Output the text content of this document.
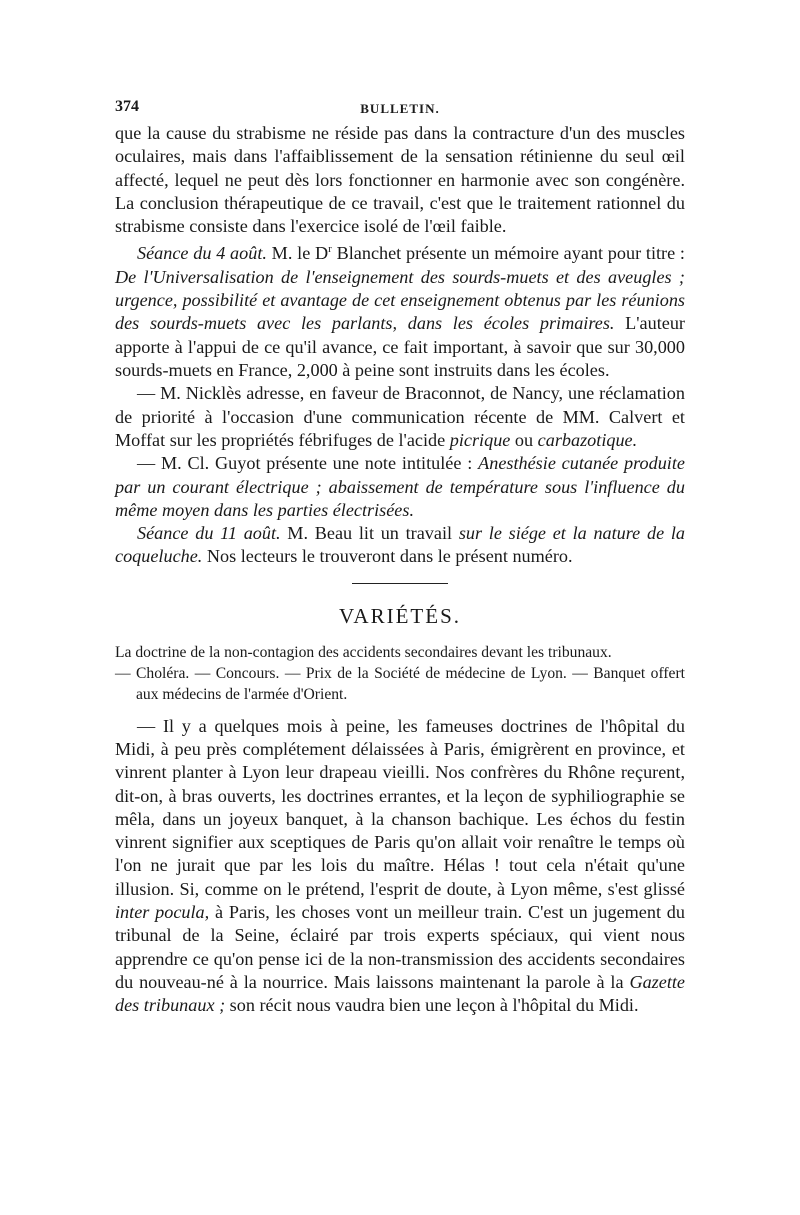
374	BULLETIN.

que la cause du strabisme ne réside pas dans la contracture d'un des muscles oculaires, mais dans l'affaiblissement de la sensation rétinienne du seul œil affecté, lequel ne peut dès lors fonctionner en harmonie avec son congénère. La conclusion thérapeutique de ce travail, c'est que le traitement rationnel du strabisme consiste dans l'exercice isolé de l'œil faible.

Séance du 4 août. M. le $D^r$ Blanchet présente un mémoire ayant pour titre : De l'Universalisation de l'enseignement des sourds-muets et des aveugles ; urgence, possibilité et avantage de cet enseignement obtenus par les réunions des sourds-muets avec les parlants, dans les écoles primaires. L'auteur apporte à l'appui de ce qu'il avance, ce fait important, à savoir que sur 30,000 sourds-muets en France, 2,000 à peine sont instruits dans les écoles.

— M. Nicklès adresse, en faveur de Braconnot, de Nancy, une réclamation de priorité à l'occasion d'une communication récente de MM. Calvert et Moffat sur les propriétés fébrifuges de l'acide picrique ou carbazotique.

— M. Cl. Guyot présente une note intitulée : Anesthésie cutanée produite par un courant électrique ; abaissement de température sous l'influence du même moyen dans les parties électrisées.

Séance du 11 août. M. Beau lit un travail sur le siége et la nature de la coqueluche. Nos lecteurs le trouveront dans le présent numéro.

VARIÉTÉS.

La doctrine de la non-contagion des accidents secondaires devant les tribunaux.

— Choléra. — Concours. — Prix de la Société de médecine de Lyon. — Banquet offert aux médecins de l'armée d'Orient.

— Il y a quelques mois à peine, les fameuses doctrines de l'hôpital du Midi, à peu près complétement délaissées à Paris, émigrèrent en province, et vinrent planter à Lyon leur drapeau vieilli. Nos confrères du Rhône reçurent, dit-on, à bras ouverts, les doctrines errantes, et la leçon de syphiliographie se mêla, dans un joyeux banquet, à la chanson bachique. Les échos du festin vinrent signifier aux sceptiques de Paris qu'on allait voir renaître le temps où l'on ne jurait que par les lois du maître. Hélas ! tout cela n'était qu'une illusion. Si, comme on le prétend, l'esprit de doute, à Lyon même, s'est glissé inter pocula, à Paris, les choses vont un meilleur train. C'est un jugement du tribunal de la Seine, éclairé par trois experts spéciaux, qui vient nous apprendre ce qu'on pense ici de la non-transmission des accidents secondaires du nouveau-né à la nourrice. Mais laissons maintenant la parole à la Gazette des tribunaux ; son récit nous vaudra bien une leçon à l'hôpital du Midi.
